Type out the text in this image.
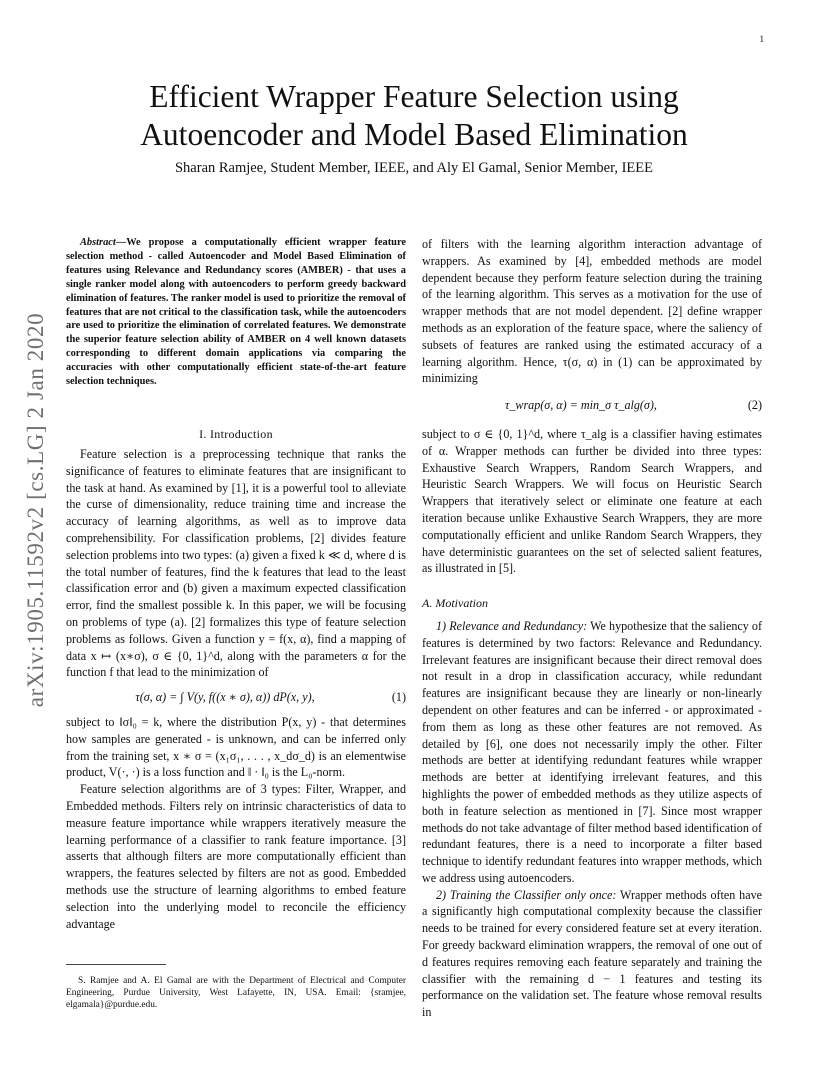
1
arXiv:1905.11592v2 [cs.LG] 2 Jan 2020
Efficient Wrapper Feature Selection using
Autoencoder and Model Based Elimination
Sharan Ramjee, Student Member, IEEE, and Aly El Gamal, Senior Member, IEEE
Abstract—We propose a computationally efficient wrapper feature selection method - called Autoencoder and Model Based Elimination of features using Relevance and Redundancy scores (AMBER) - that uses a single ranker model along with autoencoders to perform greedy backward elimination of features. The ranker model is used to prioritize the removal of features that are not critical to the classification task, while the autoencoders are used to prioritize the elimination of correlated features. We demonstrate the superior feature selection ability of AMBER on 4 well known datasets corresponding to different domain applications via comparing the accuracies with other computationally efficient state-of-the-art feature selection techniques.
I. Introduction

Feature selection is a preprocessing technique that ranks the significance of features to eliminate features that are insignificant to the task at hand. As examined by [1], it is a powerful tool to alleviate the curse of dimensionality, reduce training time and increase the accuracy of learning algorithms, as well as to improve data comprehensibility. For classification problems, [2] divides feature selection problems into two types: (a) given a fixed k ≪ d, where d is the total number of features, find the k features that lead to the least classification error and (b) given a maximum expected classification error, find the smallest possible k. In this paper, we will be focusing on problems of type (a). [2] formalizes this type of feature selection problems as follows. Given a function y = f(x, α), find a mapping of data x ↦ (x∗σ), σ ∈ {0, 1}^d, along with the parameters α for the function f that lead to the minimization of

τ(σ, α) = ∫ V(y, f((x ∗ σ), α)) dP(x, y),	(1)

subject to ‖σ‖₀ = k, where the distribution P(x, y) - that determines how samples are generated - is unknown, and can be inferred only from the training set, x ∗ σ = (x₁σ₁, . . . , x_dσ_d) is an elementwise product, V(·, ·) is a loss function and ‖ · ‖₀ is the L₀-norm.

Feature selection algorithms are of 3 types: Filter, Wrapper, and Embedded methods. Filters rely on intrinsic characteristics of data to measure feature importance while wrappers iteratively measure the learning performance of a classifier to rank feature importance. [3] asserts that although filters are more computationally efficient than wrappers, the features selected by filters are not as good. Embedded methods use the structure of learning algorithms to embed feature selection into the underlying model to reconcile the efficiency advantage

S. Ramjee and A. El Gamal are with the Department of Electrical and Computer Engineering, Purdue University, West Lafayette, IN, USA. Email: {sramjee, elgamala}@purdue.edu.

of filters with the learning algorithm interaction advantage of wrappers. As examined by [4], embedded methods are model dependent because they perform feature selection during the training of the learning algorithm. This serves as a motivation for the use of wrapper methods that are not model dependent. [2] define wrapper methods as an exploration of the feature space, where the saliency of subsets of features are ranked using the estimated accuracy of a learning algorithm. Hence, τ(σ, α) in (1) can be approximated by minimizing

τ_wrap(σ, α) = min_σ τ_alg(σ),	(2)

subject to σ ∈ {0, 1}^d, where τ_alg is a classifier having estimates of α. Wrapper methods can further be divided into three types: Exhaustive Search Wrappers, Random Search Wrappers, and Heuristic Search Wrappers. We will focus on Heuristic Search Wrappers that iteratively select or eliminate one feature at each iteration because unlike Exhaustive Search Wrappers, they are more computationally efficient and unlike Random Search Wrappers, they have deterministic guarantees on the set of selected salient features, as illustrated in [5].

A. Motivation

1) Relevance and Redundancy: We hypothesize that the saliency of features is determined by two factors: Relevance and Redundancy. Irrelevant features are insignificant because their direct removal does not result in a drop in classification accuracy, while redundant features are insignificant because they are linearly or non-linearly dependent on other features and can be inferred - or approximated - from them as long as these other features are not removed. As detailed by [6], one does not necessarily imply the other. Filter methods are better at identifying redundant features while wrapper methods are better at identifying irrelevant features, and this highlights the power of embedded methods as they utilize aspects of both in feature selection as mentioned in [7]. Since most wrapper methods do not take advantage of filter method based identification of redundant features, there is a need to incorporate a filter based technique to identify redundant features into wrapper methods, which we address using autoencoders.

2) Training the Classifier only once: Wrapper methods often have a significantly high computational complexity because the classifier needs to be trained for every considered feature set at every iteration. For greedy backward elimination wrappers, the removal of one out of d features requires removing each feature separately and training the classifier with the remaining d − 1 features and testing its performance on the validation set. The feature whose removal results in
